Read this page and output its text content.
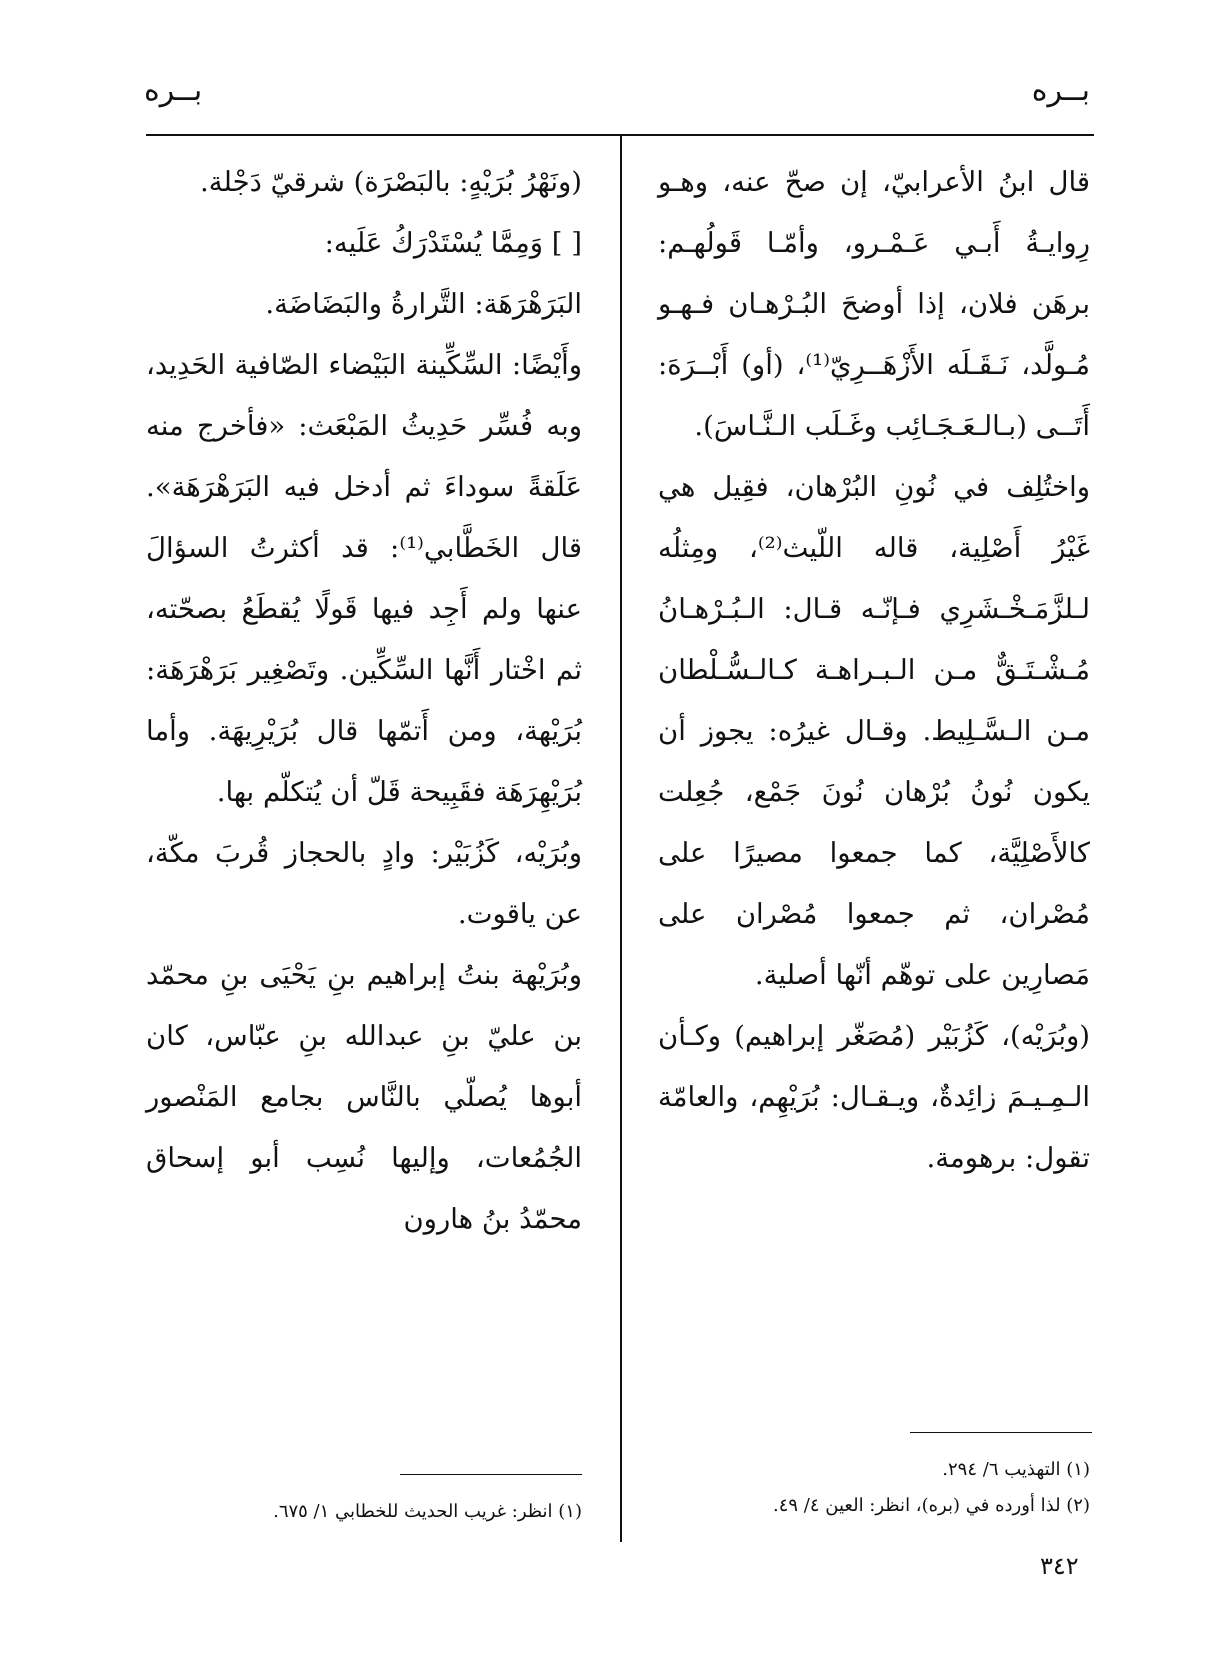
بــره
بــره

قال ابنُ الأعرابيّ، إن صحّ عنه، وهـو رِوايـةُ أَبـي عَـمْـرو، وأمّـا قَولُهـم: برهَن فلان، إذا أوضحَ البُـرْهـان فـهـو مُـولَّد، نَـقَـلَه الأَزْهَــرِيّ⁽¹⁾، (أو) أَبْــرَهَ: أَتَــى (بـالـعَـجَـائِب وغَـلَب الـنَّـاسَ).

واختُلِف في نُونِ البُرْهان، فقِيل هي غَيْرُ أَصْلِية، قاله اللّيث⁽²⁾، ومِثلُه لـلزَّمَـخْـشَرِي فـإنّـه قـال: الـبُـرْهـانُ مُـشْـتَـقٌّ مـن الـبـراهـة كـالـسُّـلْطان مـن الـسَّـلِيط. وقـال غيرُه: يجوز أن يكون نُونُ بُرْهان نُونَ جَمْع، جُعِلت كالأَصْلِيَّة، كما جمعوا مصيرًا على مُصْران، ثم جمعوا مُصْران على مَصارِين على توهّم أنّها أصلية.

(وبُرَيْه)، كَزُبَيْر (مُصَغّر إبراهيم) وكـأن الـمِـيـمَ زائِدةٌ، ويـقـال: بُرَيْهِم، والعامّة تقول: برهومة.

(ونَهْرُ بُرَيْهٍ: بالبَصْرَة) شرقيّ دَجْلة.

[ ] وَمِمَّا يُسْتَدْرَكُ عَلَيه:

البَرَهْرَهَة: التَّرارةُ والبَضَاضَة.

وأَيْضًا: السِّكِّينة البَيْضاء الصّافية الحَدِيد، وبه فُسِّر حَدِيثُ المَبْعَث: «فأخرج منه عَلَقةً سوداءَ ثم أدخل فيه البَرَهْرَهَة». قال الخَطَّابي⁽¹⁾: قد أكثرتُ السؤالَ عنها ولم أَجِد فيها قَولًا يُقطَعُ بصحّته، ثم اخْتار أَنَّها السِّكِّين. وتَصْغِير بَرَهْرَهَة: بُرَيْهة، ومن أَتمّها قال بُرَيْرِيهَة. وأما بُرَيْهِرَهَة فقَبِيحة قَلّ أن يُتكلّم بها.

وبُرَيْه، كَزُبَيْر: وادٍ بالحجاز قُربَ مكّة، عن ياقوت.

وبُرَيْهة بنتُ إبراهيم بنِ يَحْيَى بنِ محمّد بن عليّ بنِ عبدالله بنِ عبّاس، كان أبوها يُصلّي بالنَّاس بجامع المَنْصور الجُمُعات، وإليها نُسِب أبو إسحاق محمّدُ بنُ هارون

(١) التهذيب ٦/ ٢٩٤.
(٢) لذا أورده في (بره)، انظر: العين ٤/ ٤٩.
(١) انظر: غريب الحديث للخطابي ١/ ٦٧٥.
٣٤٢
